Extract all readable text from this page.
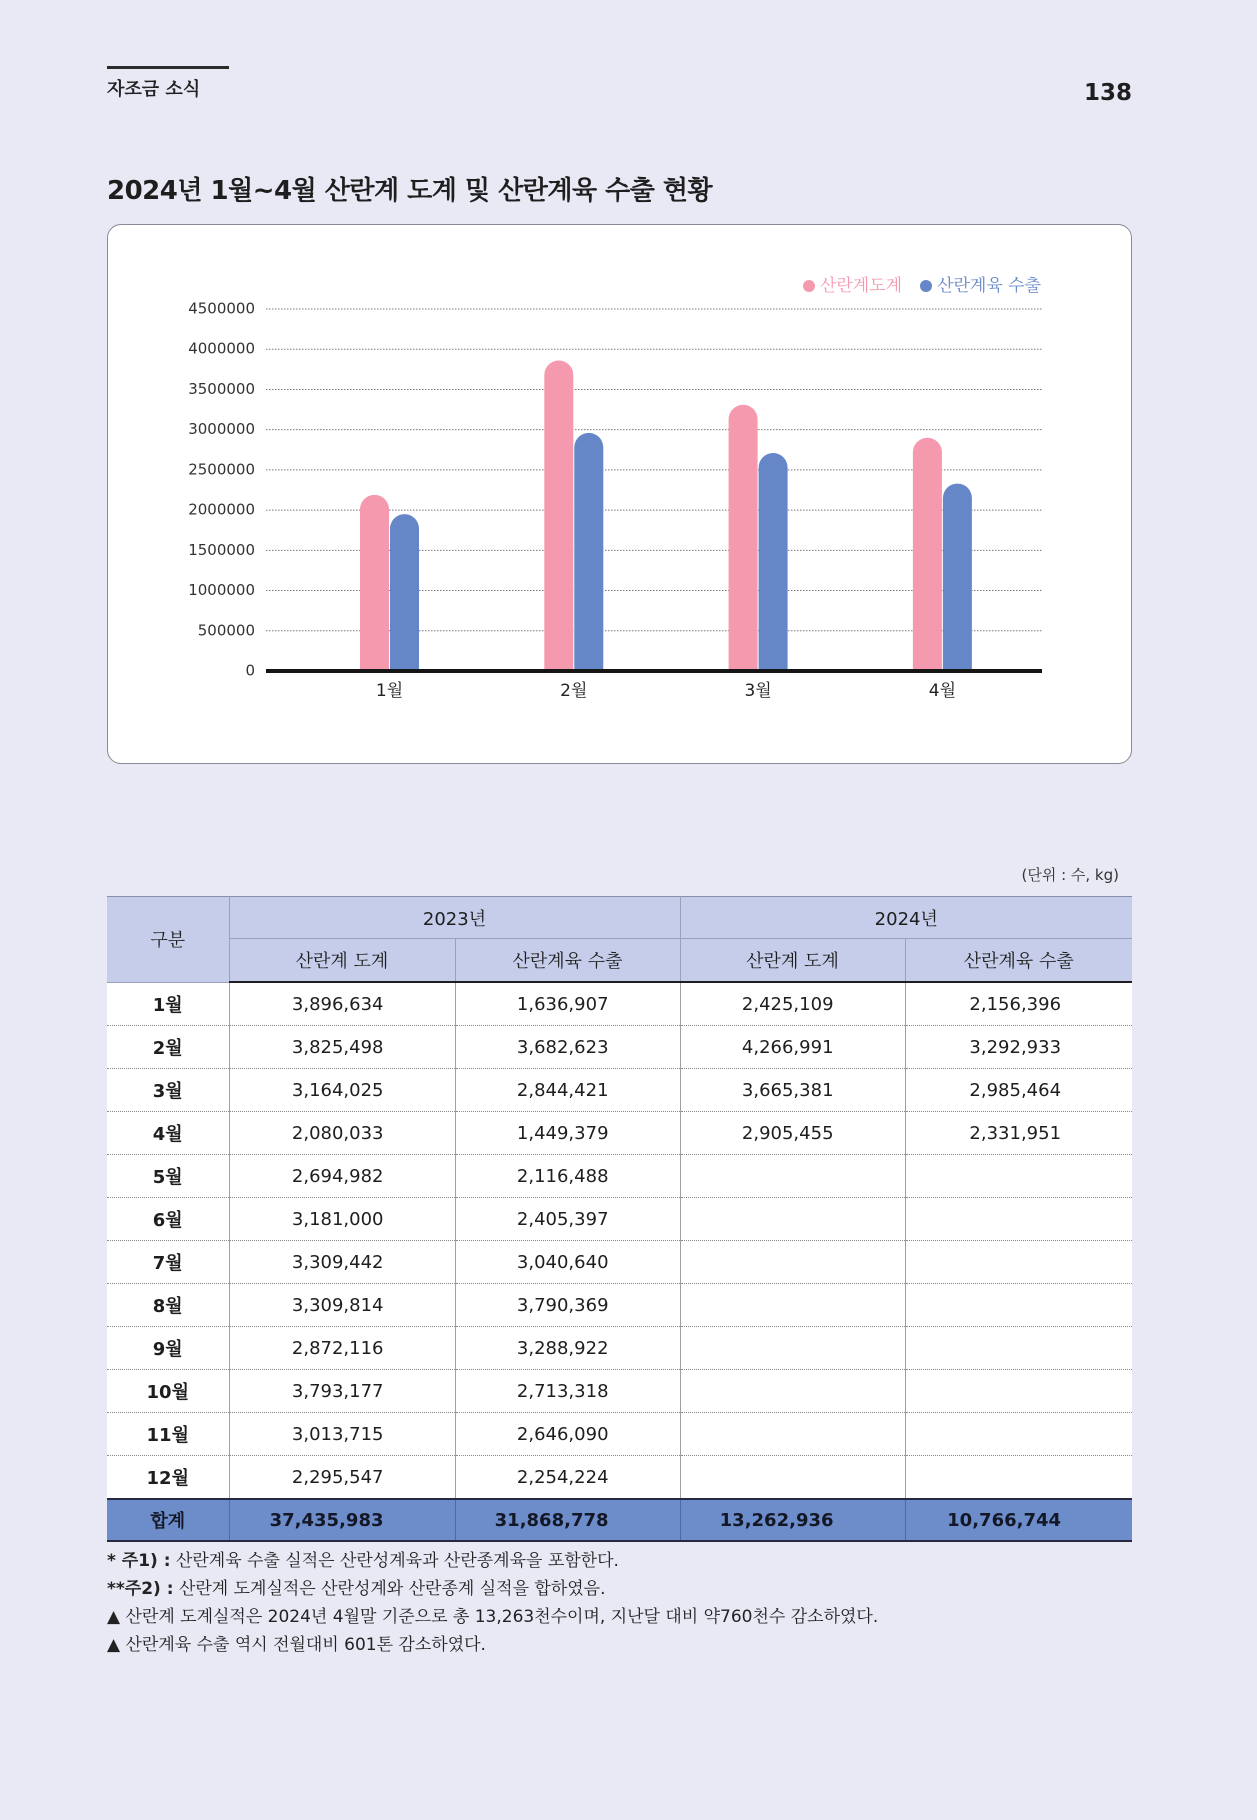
자조금 소식	138
2024년 1월~4월 산란계 도계 및 산란계육 수출 현황
0
500000
1000000
1500000
2000000
2500000
3000000
3500000
4000000
4500000
1월	2월	3월	4월
산란계도계 산란계육 수출
(단위 : 수, kg)
구분	2023년		2024년	
	산란계 도계	산란계육 수출	산란계 도계	산란계육 수출
1월	3,896,634	1,636,907	2,425,109	2,156,396
2월	3,825,498	3,682,623	4,266,991	3,292,933
3월	3,164,025	2,844,421	3,665,381	2,985,464
4월	2,080,033	1,449,379	2,905,455	2,331,951
5월	2,694,982	2,116,488		
6월	3,181,000	2,405,397		
7월	3,309,442	3,040,640		
8월	3,309,814	3,790,369		
9월	2,872,116	3,288,922		
10월	3,793,177	2,713,318		
11월	3,013,715	2,646,090		
12월	2,295,547	2,254,224		
합계	37,435,983	31,868,778	13,262,936	10,766,744
* 주1) : 산란계육 수출 실적은 산란성계육과 산란종계육을 포함한다.
**주2) : 산란계 도계실적은 산란성계와 산란종계 실적을 합하였음.
▲ 산란계 도계실적은 2024년 4월말 기준으로 총 13,263천수이며, 지난달 대비 약760천수 감소하였다.
▲ 산란계육 수출 역시 전월대비 601톤 감소하였다.
